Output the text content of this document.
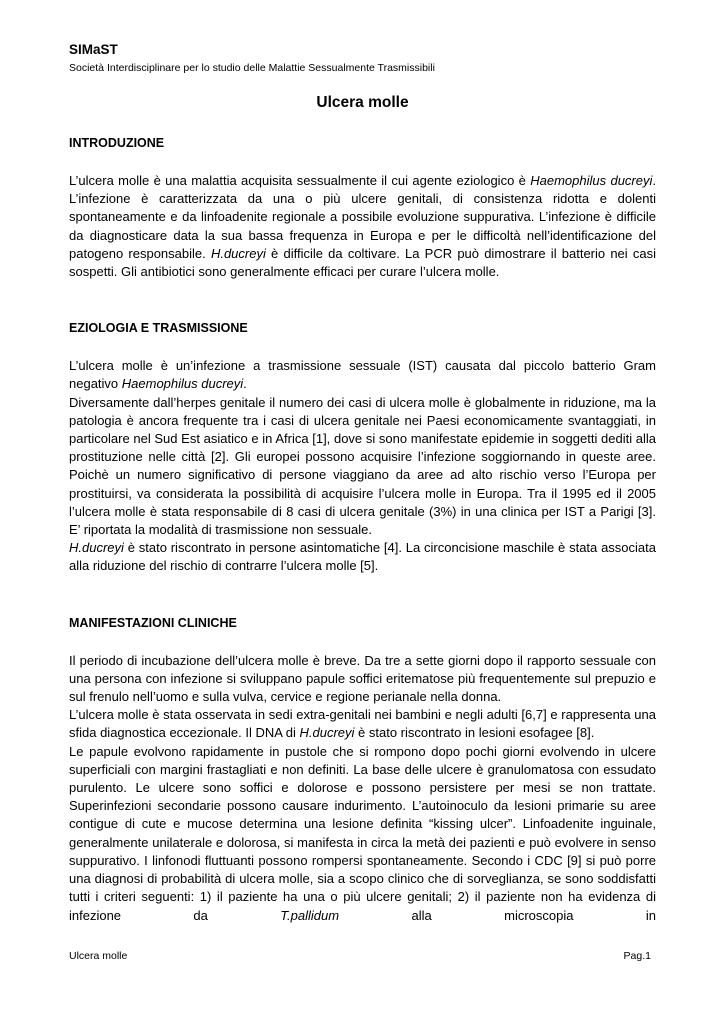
SIMaST
Società Interdisciplinare per lo studio delle Malattie Sessualmente Trasmissibili
Ulcera molle
INTRODUZIONE

L’ulcera molle è una malattia acquisita sessualmente il cui agente eziologico è Haemophilus ducreyi. L’infezione è caratterizzata da una o più ulcere genitali, di consistenza ridotta e dolenti spontaneamente e da linfoadenite regionale a possibile evoluzione suppurativa. L’infezione è difficile da diagnosticare data la sua bassa frequenza in Europa e per le difficoltà nell’identificazione del patogeno responsabile. H.ducreyi è difficile da coltivare. La PCR può dimostrare il batterio nei casi sospetti. Gli antibiotici sono generalmente efficaci per curare l’ulcera molle.

EZIOLOGIA E TRASMISSIONE

L’ulcera molle è un’infezione a trasmissione sessuale (IST) causata dal piccolo batterio Gram negativo Haemophilus ducreyi.

Diversamente dall’herpes genitale il numero dei casi di ulcera molle è globalmente in riduzione, ma la patologia è ancora frequente tra i casi di ulcera genitale nei Paesi economicamente svantaggiati, in particolare nel Sud Est asiatico e in Africa [1], dove si sono manifestate epidemie in soggetti dediti alla prostituzione nelle città [2]. Gli europei possono acquisire l’infezione soggiornando in queste aree. Poichè un numero significativo di persone viaggiano da aree ad alto rischio verso l’Europa per prostituirsi, va considerata la possibilità di acquisire l’ulcera molle in Europa. Tra il 1995 ed il 2005 l’ulcera molle è stata responsabile di 8 casi di ulcera genitale (3%) in una clinica per IST a Parigi [3]. E’ riportata la modalità di trasmissione non sessuale.

H.ducreyi è stato riscontrato in persone asintomatiche [4]. La circoncisione maschile è stata associata alla riduzione del rischio di contrarre l’ulcera molle [5].

MANIFESTAZIONI CLINICHE

Il periodo di incubazione dell’ulcera molle è breve. Da tre a sette giorni dopo il rapporto sessuale con una persona con infezione si sviluppano papule soffici eritematose più frequentemente sul prepuzio e sul frenulo nell’uomo e sulla vulva, cervice e regione perianale nella donna.

L’ulcera molle è stata osservata in sedi extra-genitali nei bambini e negli adulti [6,7] e rappresenta una sfida diagnostica eccezionale. Il DNA di H.ducreyi è stato riscontrato in lesioni esofagee [8].

Le papule evolvono rapidamente in pustole che si rompono dopo pochi giorni evolvendo in ulcere superficiali con margini frastagliati e non definiti. La base delle ulcere è granulomatosa con essudato purulento. Le ulcere sono soffici e dolorose e possono persistere per mesi se non trattate. Superinfezioni secondarie possono causare indurimento. L’autoinoculo da lesioni primarie su aree contigue di cute e mucose determina una lesione definita “kissing ulcer”. Linfoadenite inguinale, generalmente unilaterale e dolorosa, si manifesta in circa la metà dei pazienti e può evolvere in senso suppurativo. I linfonodi fluttuanti possono rompersi spontaneamente. Secondo i CDC [9] si può porre una diagnosi di probabilità di ulcera molle, sia a scopo clinico che di sorveglianza, se sono soddisfatti tutti i criteri seguenti: 1) il paziente ha una o più ulcere genitali; 2) il paziente non ha evidenza di infezione da T.pallidum alla microscopia in

Ulcera molle	Pag.1
